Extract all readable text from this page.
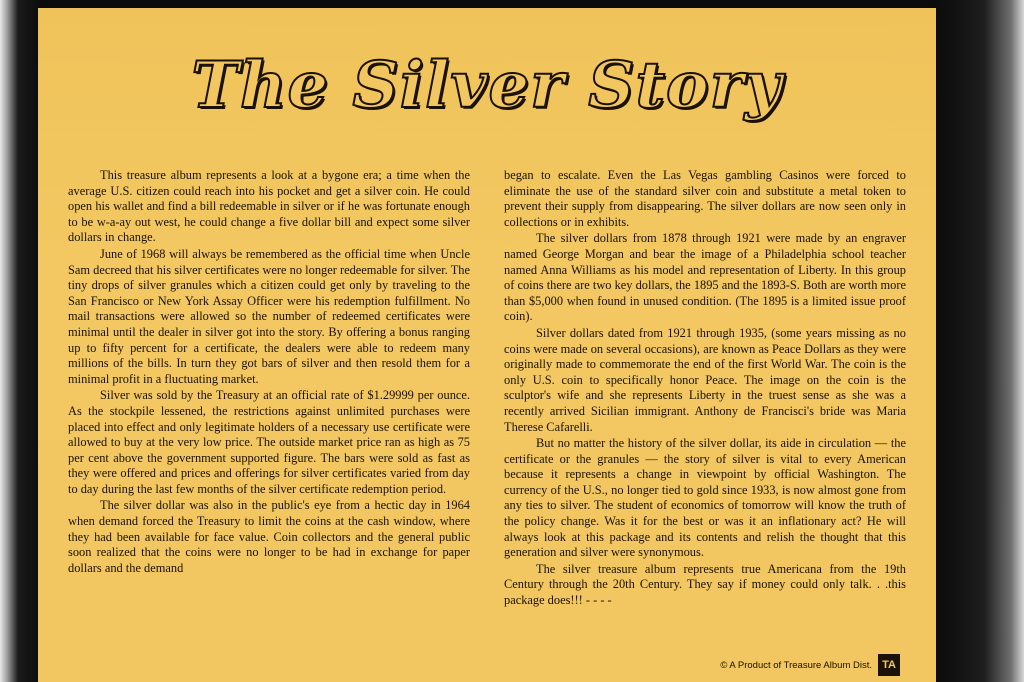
The Silver Story

This treasure album represents a look at a bygone era; a time when the average U.S. citizen could reach into his pocket and get a silver coin. He could open his wallet and find a bill redeemable in silver or if he was fortunate enough to be w-a-ay out west, he could change a five dollar bill and expect some silver dollars in change.

June of 1968 will always be remembered as the official time when Uncle Sam decreed that his silver certificates were no longer redeemable for silver. The tiny drops of silver granules which a citizen could get only by traveling to the San Francisco or New York Assay Officer were his redemption fulfillment. No mail transactions were allowed so the number of redeemed certificates were minimal until the dealer in silver got into the story. By offering a bonus ranging up to fifty percent for a certificate, the dealers were able to redeem many millions of the bills. In turn they got bars of silver and then resold them for a minimal profit in a fluctuating market.

Silver was sold by the Treasury at an official rate of $1.29999 per ounce. As the stockpile lessened, the restrictions against unlimited purchases were placed into effect and only legitimate holders of a necessary use certificate were allowed to buy at the very low price. The outside market price ran as high as 75 per cent above the government supported figure. The bars were sold as fast as they were offered and prices and offerings for silver certificates varied from day to day during the last few months of the silver certificate redemption period.

The silver dollar was also in the public's eye from a hectic day in 1964 when demand forced the Treasury to limit the coins at the cash window, where they had been available for face value. Coin collectors and the general public soon realized that the coins were no longer to be had in exchange for paper dollars and the demand

began to escalate. Even the Las Vegas gambling Casinos were forced to eliminate the use of the standard silver coin and substitute a metal token to prevent their supply from disappearing. The silver dollars are now seen only in collections or in exhibits.

The silver dollars from 1878 through 1921 were made by an engraver named George Morgan and bear the image of a Philadelphia school teacher named Anna Williams as his model and representation of Liberty. In this group of coins there are two key dollars, the 1895 and the 1893-S. Both are worth more than $5,000 when found in unused condition. (The 1895 is a limited issue proof coin).

Silver dollars dated from 1921 through 1935, (some years missing as no coins were made on several occasions), are known as Peace Dollars as they were originally made to commemorate the end of the first World War. The coin is the only U.S. coin to specifically honor Peace. The image on the coin is the sculptor's wife and she represents Liberty in the truest sense as she was a recently arrived Sicilian immigrant. Anthony de Francisci's bride was Maria Therese Cafarelli.

But no matter the history of the silver dollar, its aide in circulation — the certificate or the granules — the story of silver is vital to every American because it represents a change in viewpoint by official Washington. The currency of the U.S., no longer tied to gold since 1933, is now almost gone from any ties to silver. The student of economics of tomorrow will know the truth of the policy change. Was it for the best or was it an inflationary act? He will always look at this package and its contents and relish the thought that this generation and silver were synonymous.

The silver treasure album represents true Americana from the 19th Century through the 20th Century. They say if money could only talk. . .this package does!!! - - - -

© A Product of Treasure Album Dist. TA
